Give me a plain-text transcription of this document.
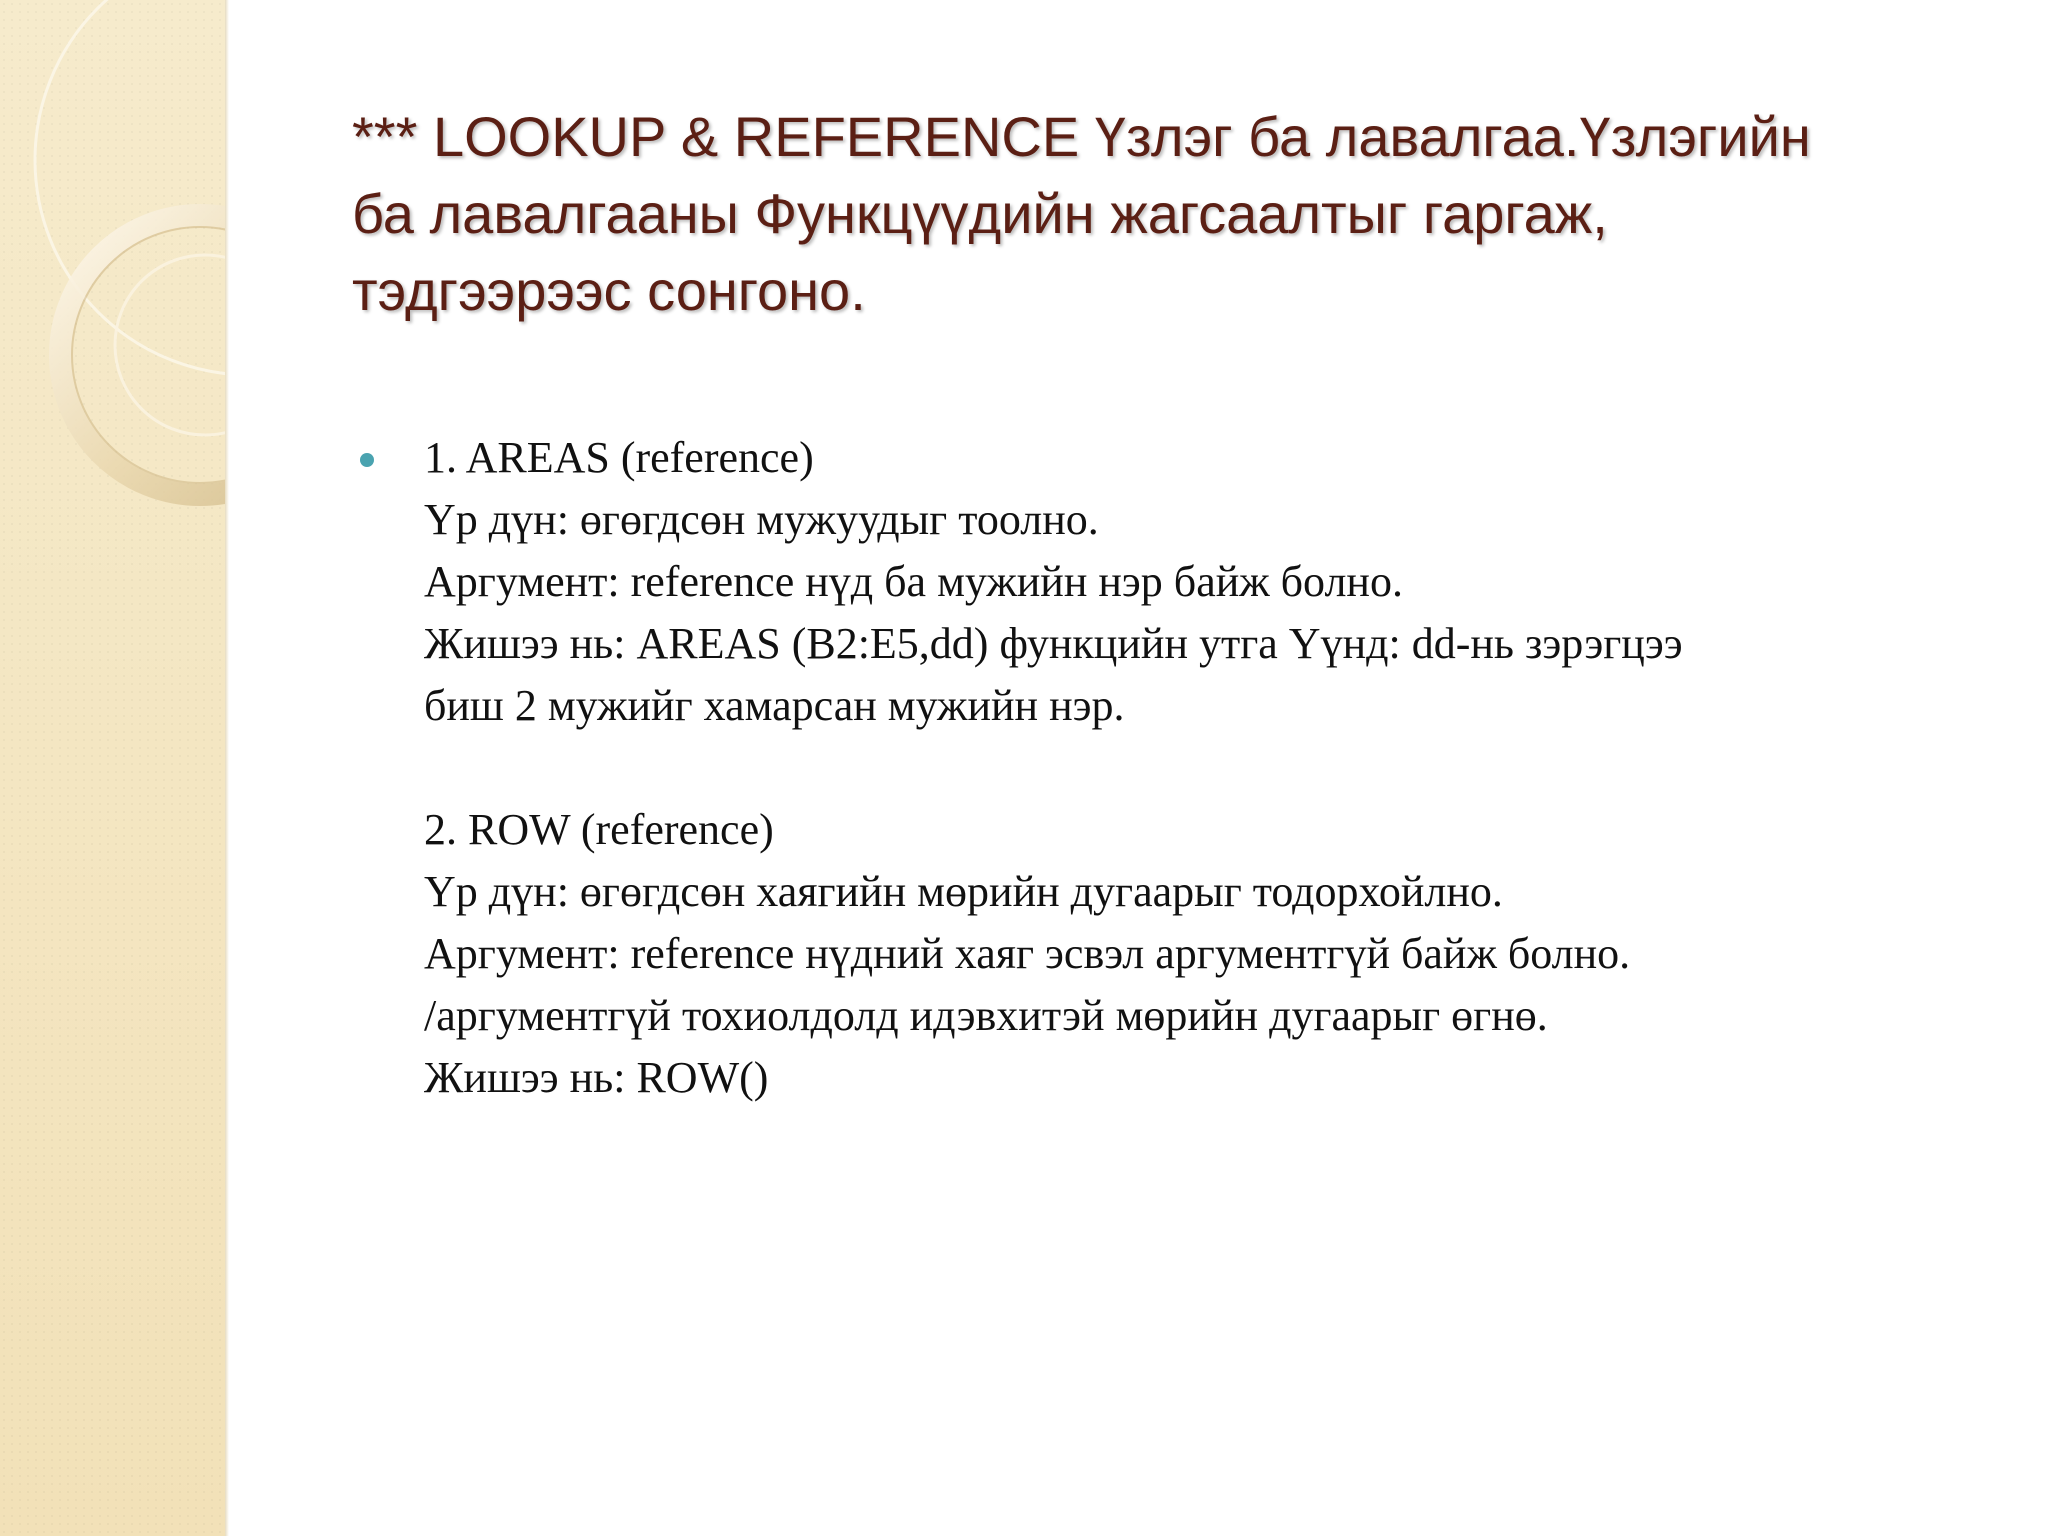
*** LOOKUP & REFERENCE Үзлэг ба лавалгаа.Үзлэгийн ба лавалгааны Функцүүдийн жагсаалтыг гаргаж, тэдгээрээс сонгоно.
1. AREAS (reference)
Үр дүн: өгөгдсөн мужуудыг тоолно.
Аргумент: reference нүд ба мужийн нэр байж болно.
Жишээ нь: AREAS (B2:E5,dd) функцийн утга Үүнд: dd-нь зэрэгцээ
биш 2 мужийг хамарсан мужийн нэр.
2. ROW (reference)
Үр дүн: өгөгдсөн хаягийн мөрийн дугаарыг тодорхойлно.
Аргумент: reference нүдний хаяг эсвэл аргументгүй байж болно.
/аргументгүй тохиолдолд идэвхитэй мөрийн дугаарыг өгнө.
Жишээ нь: ROW()
